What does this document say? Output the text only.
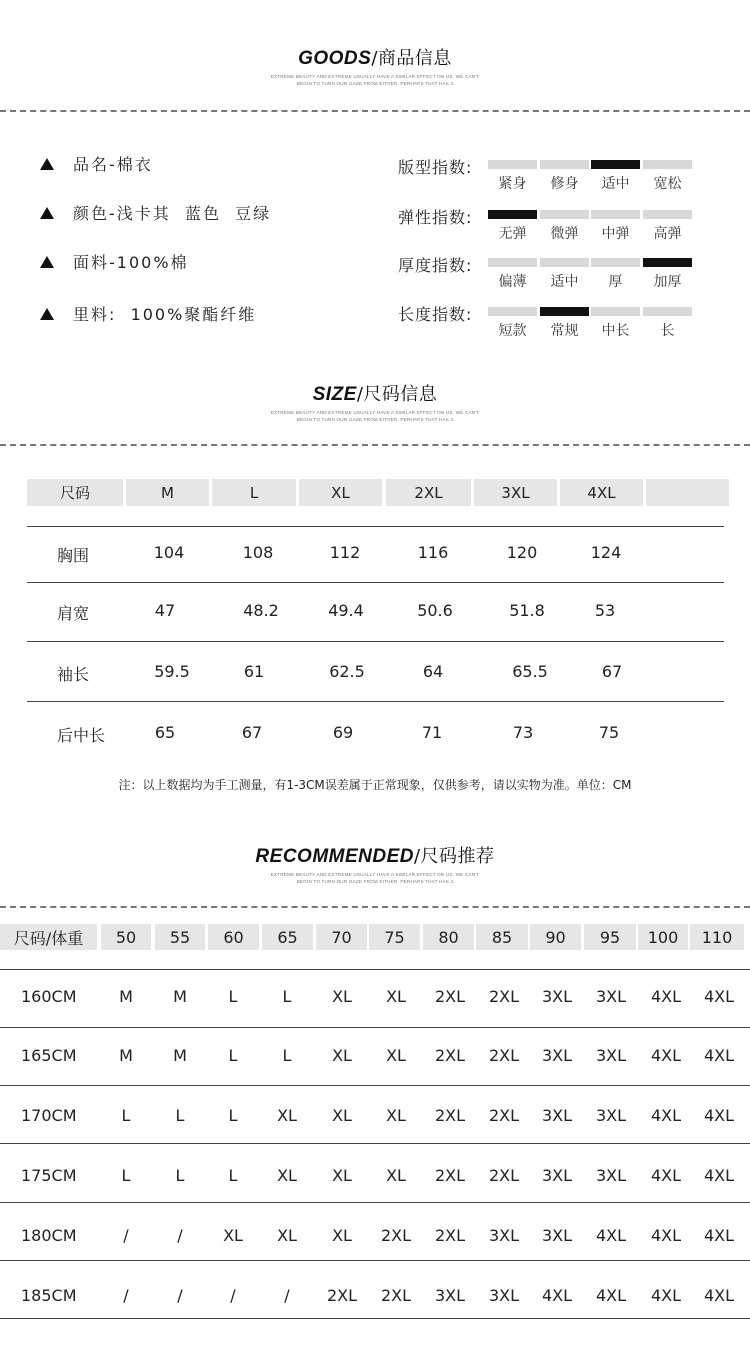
GOODS/商品信息
EXTREME BEAUTY AND EXTREME USUALLY HAVE A SIMILAR EFFECT ON US. WE CAN'T
BEGIN TO TURN OUR GAZE FROM EITHER. PERHAPS THAT HAS 3
品名-棉衣
颜色-浅卡其  蓝色  豆绿
面料-100%棉
里料:  100%聚酯纤维
版型指数:
紧身	修身	适中	宽松
弹性指数:
无弹	微弹	中弹	高弹
厚度指数:
偏薄	适中	厚	加厚
长度指数:
短款	常规	中长	长
SIZE/尺码信息
EXTREME BEAUTY AND EXTREME USUALLY HAVE A SIMILAR EFFECT ON US. WE CAN'T
BEGIN TO TURN OUR GAZE FROM EITHER. PERHAPS THAT HAS 3
尺码	M	L	XL	2XL	3XL	4XL
胸围	104	108	112	116	120	124
肩宽	47	48.2	49.4	50.6	51.8	53
袖长	59.5	61	62.5	64	65.5	67
后中长	65	67	69	71	73	75
注：以上数据均为手工测量，有1-3CM误差属于正常现象，仅供参考，请以实物为准。单位：CM
RECOMMENDED/尺码推荐
EXTREME BEAUTY AND EXTREME USUALLY HAVE A SIMILAR EFFECT ON US. WE CAN'T
BEGIN TO TURN OUR GAZE FROM EITHER. PERHAPS THAT HAS 3
尺码/体重	50	55	60	65	70	75	80	85	90	95	100	110
160CM	M	M	L	L	XL	XL	2XL	2XL	3XL	3XL	4XL	4XL
165CM	M	M	L	L	XL	XL	2XL	2XL	3XL	3XL	4XL	4XL
170CM	L	L	L	XL	XL	XL	2XL	2XL	3XL	3XL	4XL	4XL
175CM	L	L	L	XL	XL	XL	2XL	2XL	3XL	3XL	4XL	4XL
180CM	/	/	XL	XL	XL	2XL	2XL	3XL	3XL	4XL	4XL	4XL
185CM	/	/	/	/	2XL	2XL	3XL	3XL	4XL	4XL	4XL	4XL
